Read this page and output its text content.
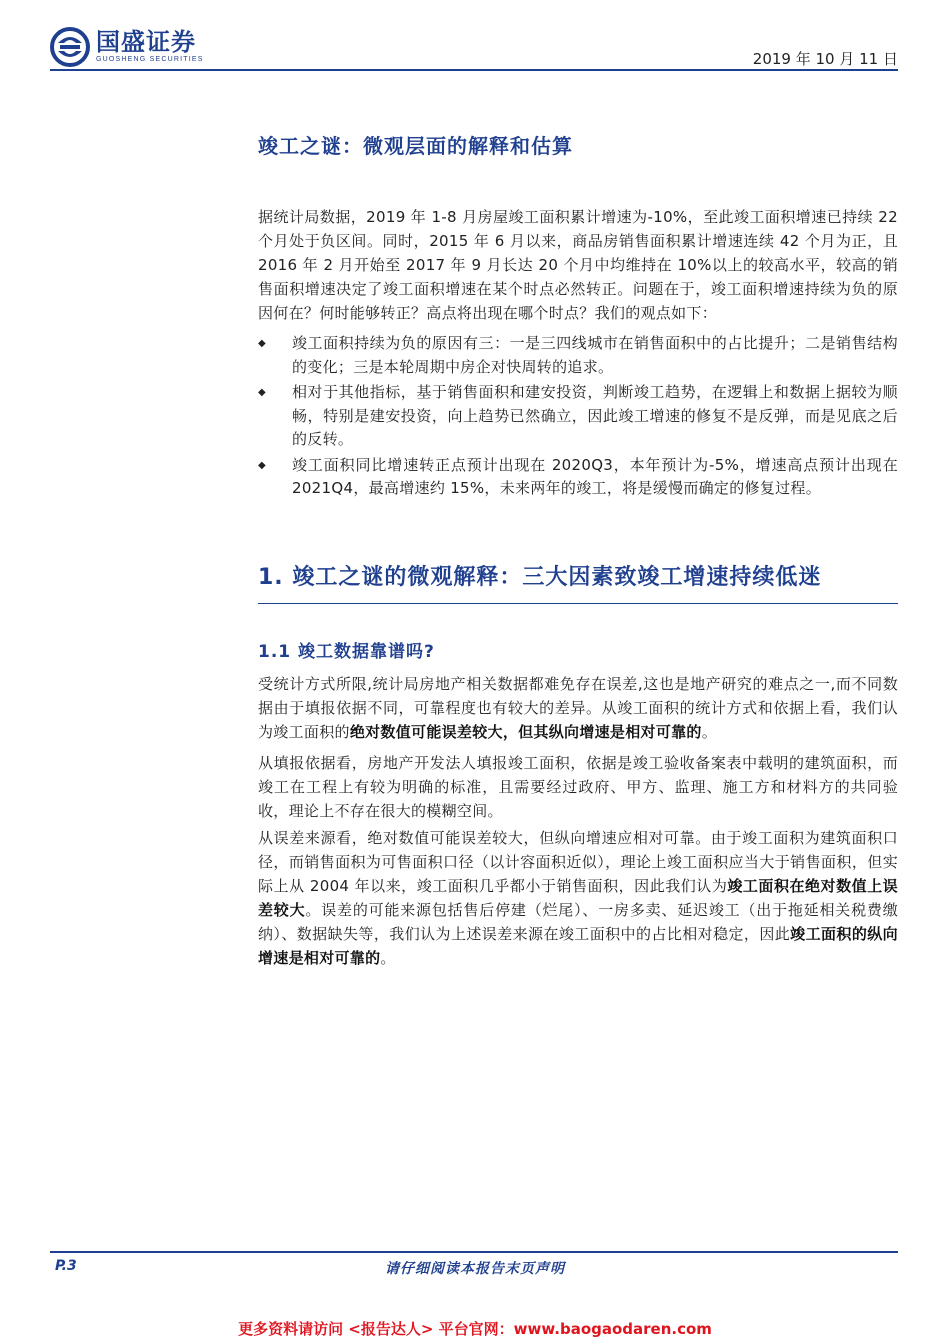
国盛证券
GUOSHENG SECURITIES	2019 年 10 月 11 日
竣工之谜：微观层面的解释和估算
据统计局数据，2019 年 1-8 月房屋竣工面积累计增速为-10%，至此竣工面积增速已持续 22 个月处于负区间。同时，2015 年 6 月以来，商品房销售面积累计增速连续 42 个月为正，且 2016 年 2 月开始至 2017 年 9 月长达 20 个月中均维持在 10%以上的较高水平，较高的销售面积增速决定了竣工面积增速在某个时点必然转正。问题在于，竣工面积增速持续为负的原因何在？何时能够转正？高点将出现在哪个时点？我们的观点如下：
◆ 竣工面积持续为负的原因有三：一是三四线城市在销售面积中的占比提升；二是销售结构的变化；三是本轮周期中房企对快周转的追求。
◆ 相对于其他指标，基于销售面积和建安投资，判断竣工趋势，在逻辑上和数据上据较为顺畅，特别是建安投资，向上趋势已然确立，因此竣工增速的修复不是反弹，而是见底之后的反转。
◆ 竣工面积同比增速转正点预计出现在 2020Q3，本年预计为-5%，增速高点预计出现在 2021Q4，最高增速约 15%，未来两年的竣工，将是缓慢而确定的修复过程。
1. 竣工之谜的微观解释：三大因素致竣工增速持续低迷
1.1 竣工数据靠谱吗?
受统计方式所限,统计局房地产相关数据都难免存在误差,这也是地产研究的难点之一,而不同数据由于填报依据不同，可靠程度也有较大的差异。从竣工面积的统计方式和依据上看，我们认为竣工面积的绝对数值可能误差较大，但其纵向增速是相对可靠的。
从填报依据看，房地产开发法人填报竣工面积，依据是竣工验收备案表中载明的建筑面积，而竣工在工程上有较为明确的标准，且需要经过政府、甲方、监理、施工方和材料方的共同验收，理论上不存在很大的模糊空间。
从误差来源看，绝对数值可能误差较大，但纵向增速应相对可靠。由于竣工面积为建筑面积口径，而销售面积为可售面积口径（以计容面积近似），理论上竣工面积应当大于销售面积，但实际上从 2004 年以来，竣工面积几乎都小于销售面积，因此我们认为竣工面积在绝对数值上误差较大。误差的可能来源包括售后停建（烂尾）、一房多卖、延迟竣工（出于拖延相关税费缴纳）、数据缺失等，我们认为上述误差来源在竣工面积中的占比相对稳定，因此竣工面积的纵向增速是相对可靠的。
P.3	请仔细阅读本报告末页声明
更多资料请访问 <报告达人> 平台官网：www.baogaodaren.com
